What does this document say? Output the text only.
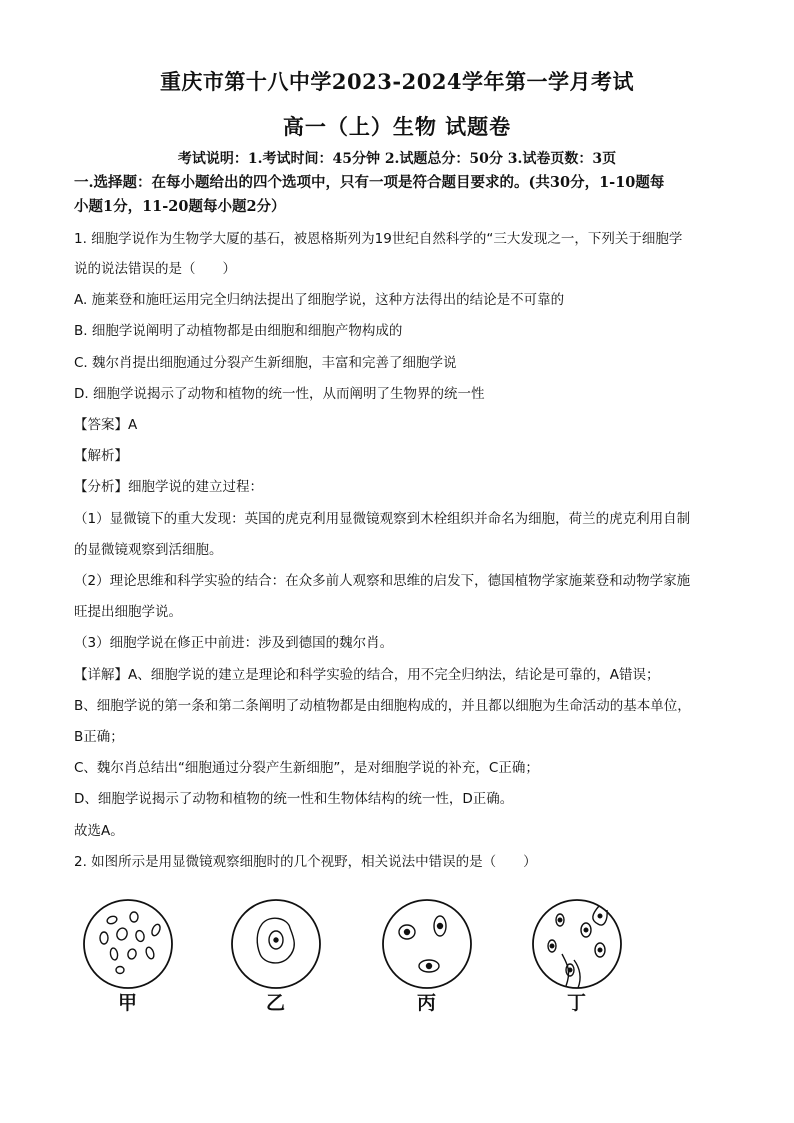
重庆市第十八中学2023-2024学年第一学月考试
高一（上）生物 试题卷
考试说明：1.考试时间：45分钟 2.试题总分：50分 3.试卷页数：3页
一.选择题：在每小题给出的四个选项中，只有一项是符合题目要求的。(共30分，1-10题每
小题1分，11-20题每小题2分）
1. 细胞学说作为生物学大厦的基石，被恩格斯列为19世纪自然科学的“三大发现之一，下列关于细胞学
说的说法错误的是（　　）
A. 施莱登和施旺运用完全归纳法提出了细胞学说，这种方法得出的结论是不可靠的
B. 细胞学说阐明了动植物都是由细胞和细胞产物构成的
C. 魏尔肖提出细胞通过分裂产生新细胞，丰富和完善了细胞学说
D. 细胞学说揭示了动物和植物的统一性，从而阐明了生物界的统一性
【答案】A
【解析】
【分析】细胞学说的建立过程：
（1）显微镜下的重大发现：英国的虎克利用显微镜观察到木栓组织并命名为细胞，荷兰的虎克利用自制
的显微镜观察到活细胞。
（2）理论思维和科学实验的结合：在众多前人观察和思维的启发下，德国植物学家施莱登和动物学家施
旺提出细胞学说。
（3）细胞学说在修正中前进：涉及到德国的魏尔肖。
【详解】A、细胞学说的建立是理论和科学实验的结合，用不完全归纳法，结论是可靠的，A错误；
B、细胞学说的第一条和第二条阐明了动植物都是由细胞构成的，并且都以细胞为生命活动的基本单位，
B正确；
C、魏尔肖总结出“细胞通过分裂产生新细胞”，是对细胞学说的补充，C正确；
D、细胞学说揭示了动物和植物的统一性和生物体结构的统一性，D正确。
故选A。
2. 如图所示是用显微镜观察细胞时的几个视野，相关说法中错误的是（　　）
甲	乙	丙	丁
